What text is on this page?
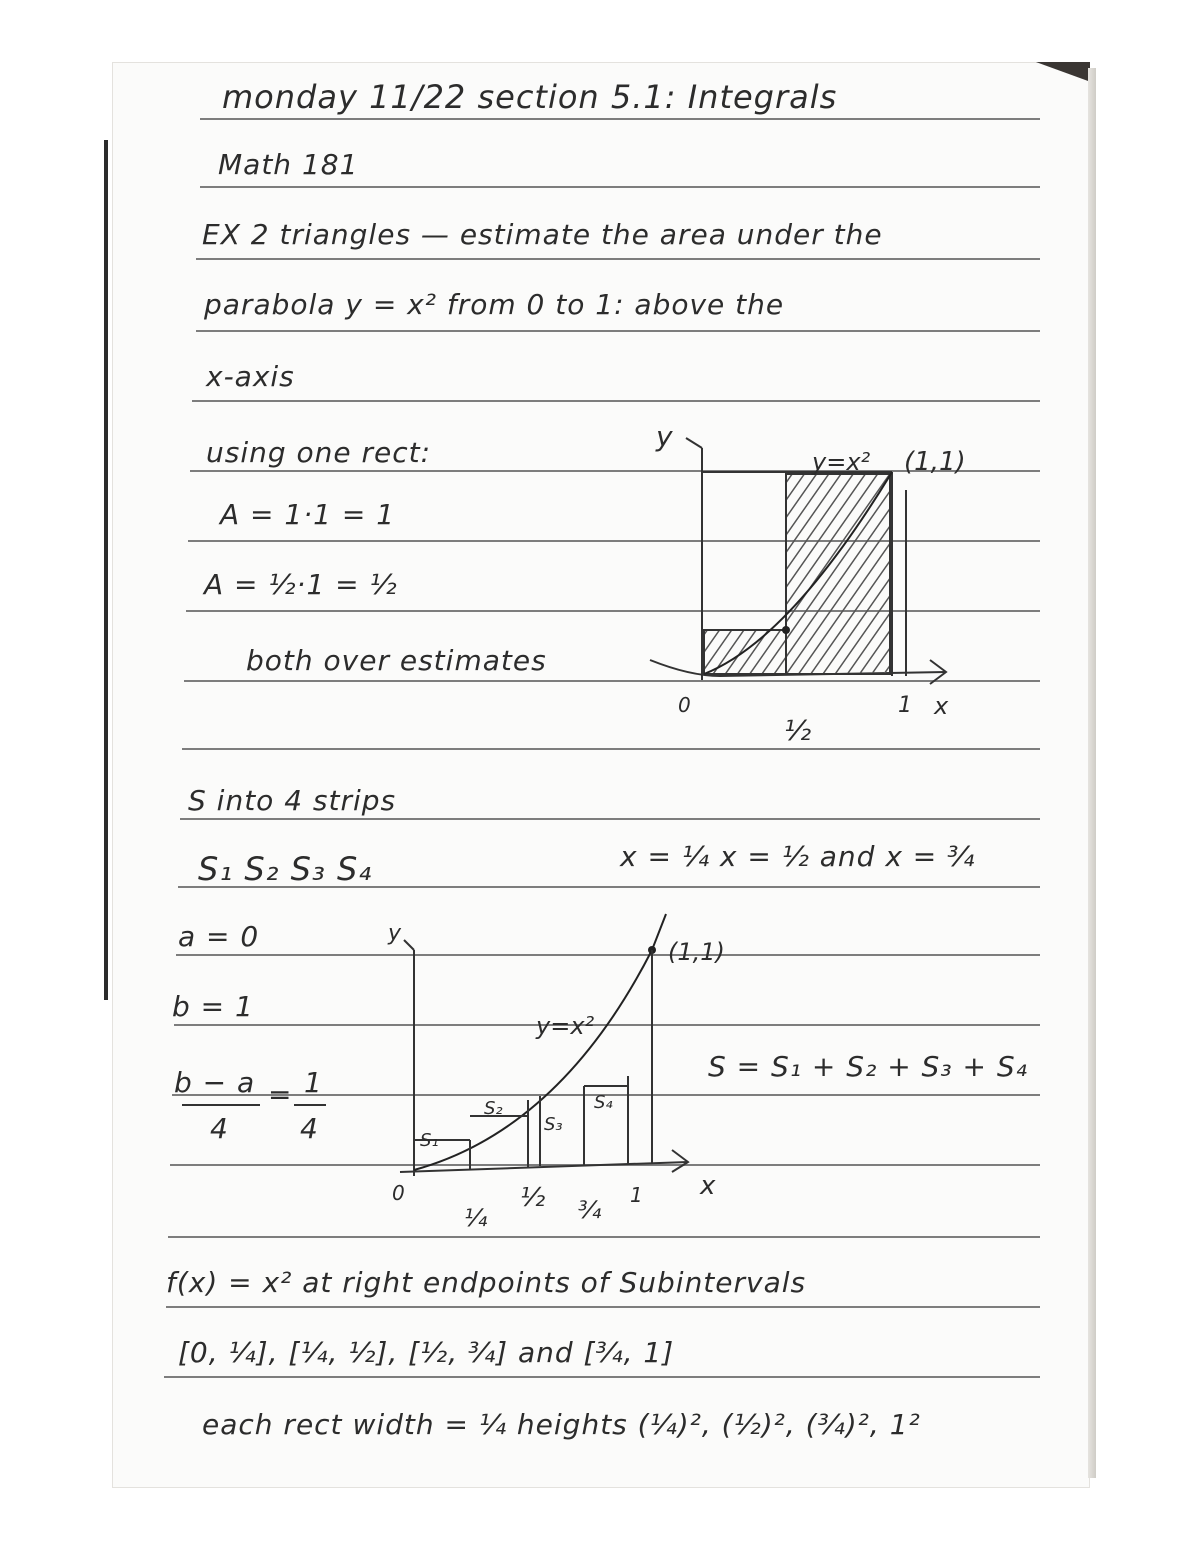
monday 11/22 section 5.1: Integrals
Math 181
EX 2 triangles — estimate the area under the
parabola y = x² from 0 to 1: above the
x-axis
using one rect:
A = 1·1 = 1
A = ½·1 = ½
both over estimates
y
y=x² (1,1)
0
½
1 x
S into 4 strips
S₁ S₂ S₃ S₄	x = ¼ x = ½ and x = ¾
a = 0
b = 1
b − a
4
= 1
4
S = S₁ + S₂ + S₃ + S₄
y
y=x²
(1,1)
0
¼
½ ¾
1 x
S₁
S₂
S₃
S₄
f(x) = x² at right endpoints of Subintervals
[0, ¼], [¼, ½], [½, ¾] and [¾, 1]
each rect width = ¼ heights (¼)², (½)², (¾)², 1²
